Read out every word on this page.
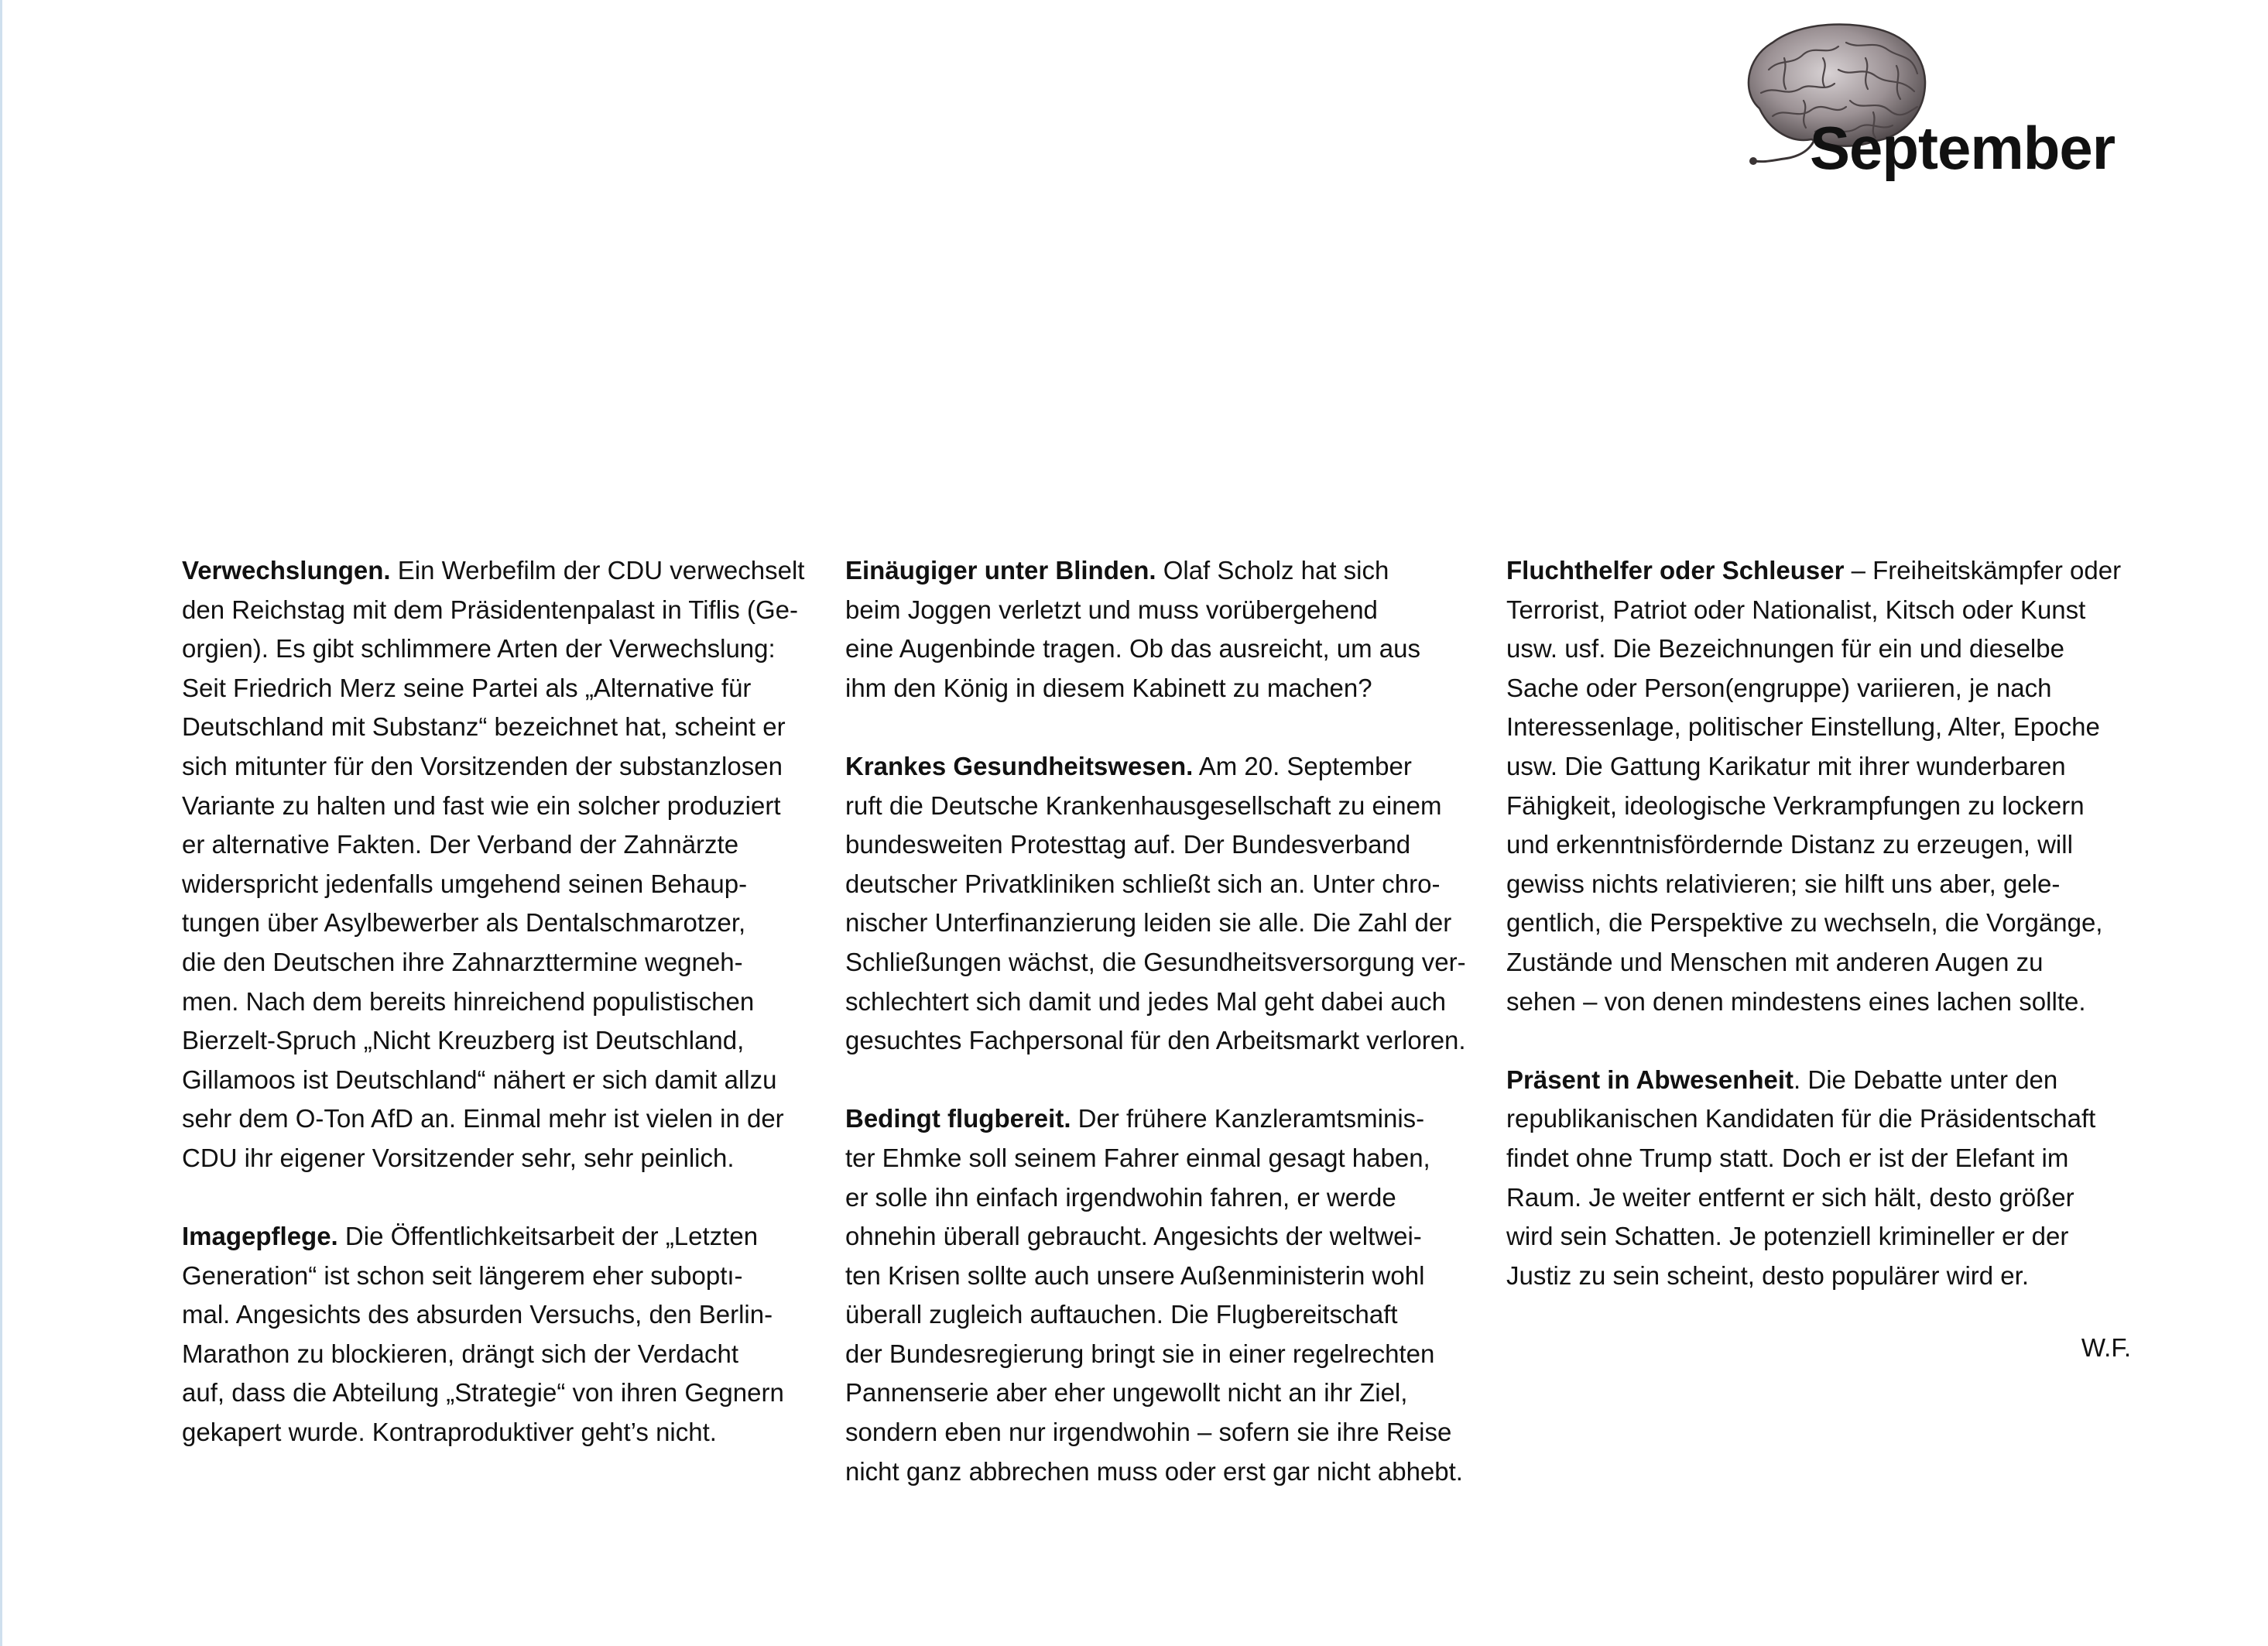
September
Verwechslungen. Ein Werbefilm der CDU verwechselt
den Reichstag mit dem Präsidentenpalast in Tiflis (Ge-
orgien). Es gibt schlimmere Arten der Verwechslung:
Seit Friedrich Merz seine Partei als „Alternative für
Deutschland mit Substanz“ bezeichnet hat, scheint er
sich mitunter für den Vorsitzenden der substanzlosen
Variante zu halten und fast wie ein solcher produziert
er alternative Fakten. Der Verband der Zahnärzte
widerspricht jedenfalls umgehend seinen Behaup-
tungen über Asylbewerber als Dentalschmarotzer,
die den Deutschen ihre Zahnarzttermine wegneh-
men. Nach dem bereits hinreichend populistischen
Bierzelt-Spruch „Nicht Kreuzberg ist Deutschland,
Gillamoos ist Deutschland“ nähert er sich damit allzu
sehr dem O-Ton AfD an. Einmal mehr ist vielen in der
CDU ihr eigener Vorsitzender sehr, sehr peinlich.
Imagepflege. Die Öffentlichkeitsarbeit der „Letzten
Generation“ ist schon seit längerem eher suboptı-
mal. Angesichts des absurden Versuchs, den Berlin-
Marathon zu blockieren, drängt sich der Verdacht
auf, dass die Abteilung „Strategie“ von ihren Gegnern
gekapert wurde. Kontraproduktiver geht’s nicht.
Einäugiger unter Blinden. Olaf Scholz hat sich
beim Joggen verletzt und muss vorübergehend
eine Augenbinde tragen. Ob das ausreicht, um aus
ihm den König in diesem Kabinett zu machen?
Krankes Gesundheitswesen. Am 20. September
ruft die Deutsche Krankenhausgesellschaft zu einem
bundesweiten Protesttag auf. Der Bundesverband
deutscher Privatkliniken schließt sich an. Unter chro-
nischer Unterfinanzierung leiden sie alle. Die Zahl der
Schließungen wächst, die Gesundheitsversorgung ver-
schlechtert sich damit und jedes Mal geht dabei auch
gesuchtes Fachpersonal für den Arbeitsmarkt verloren.
Bedingt flugbereit. Der frühere Kanzleramtsminis-
ter Ehmke soll seinem Fahrer einmal gesagt haben,
er solle ihn einfach irgendwohin fahren, er werde
ohnehin überall gebraucht. Angesichts der weltwei-
ten Krisen sollte auch unsere Außenministerin wohl
überall zugleich auftauchen. Die Flugbereitschaft
der Bundesregierung bringt sie in einer regelrechten
Pannenserie aber eher ungewollt nicht an ihr Ziel,
sondern eben nur irgendwohin – sofern sie ihre Reise
nicht ganz abbrechen muss oder erst gar nicht abhebt.
Fluchthelfer oder Schleuser – Freiheitskämpfer oder
Terrorist, Patriot oder Nationalist, Kitsch oder Kunst
usw. usf. Die Bezeichnungen für ein und dieselbe
Sache oder Person(engruppe) variieren, je nach
Interessenlage, politischer Einstellung, Alter, Epoche
usw. Die Gattung Karikatur mit ihrer wunderbaren
Fähigkeit, ideologische Verkrampfungen zu lockern
und erkenntnisfördernde Distanz zu erzeugen, will
gewiss nichts relativieren; sie hilft uns aber, gele-
gentlich, die Perspektive zu wechseln, die Vorgänge,
Zustände und Menschen mit anderen Augen zu
sehen – von denen mindestens eines lachen sollte.
Präsent in Abwesenheit. Die Debatte unter den
republikanischen Kandidaten für die Präsidentschaft
findet ohne Trump statt. Doch er ist der Elefant im
Raum. Je weiter entfernt er sich hält, desto größer
wird sein Schatten. Je potenziell krimineller er der
Justiz zu sein scheint, desto populärer wird er.
W.F.
